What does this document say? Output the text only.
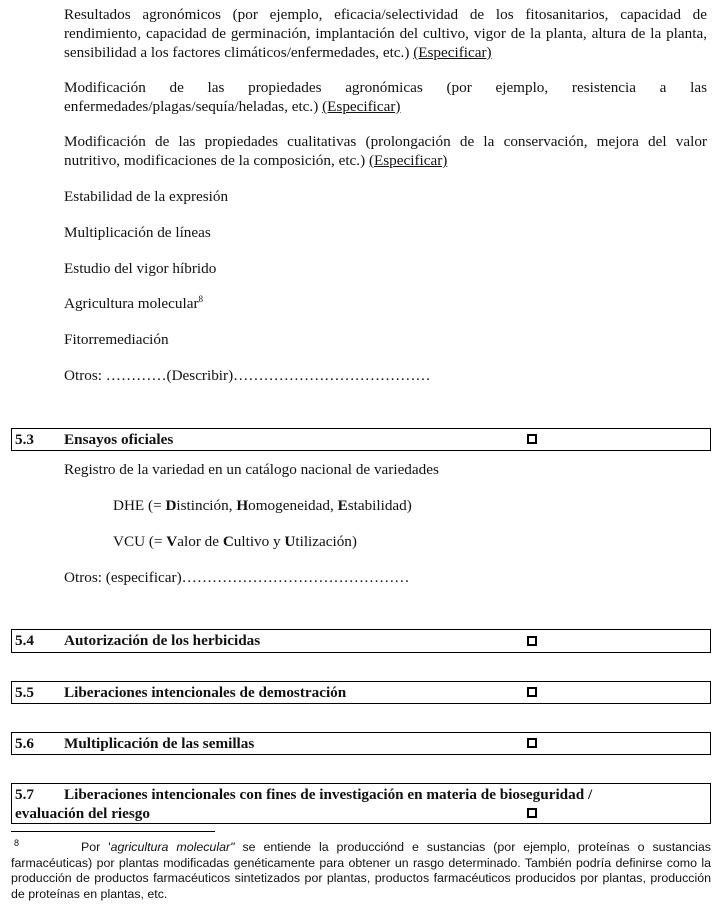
Resultados agronómicos (por ejemplo, eficacia/selectividad de los fitosanitarios, capacidad de rendimiento, capacidad de germinación, implantación del cultivo, vigor de la planta, altura de la planta, sensibilidad a los factores climáticos/enfermedades, etc.) (Especificar)
Modificación de las propiedades agronómicas (por ejemplo, resistencia a las enfermedades/plagas/sequía/heladas, etc.) (Especificar)
Modificación de las propiedades cualitativas (prolongación de la conservación, mejora del valor nutritivo, modificaciones de la composición, etc.) (Especificar)
Estabilidad de la expresión
Multiplicación de líneas
Estudio del vigor híbrido
Agricultura molecular$^8$
Fitorremediación
Otros: …………(Describir)…………………………………
5.3 Ensayos oficiales
Registro de la variedad en un catálogo nacional de variedades
DHE (= Distinción, Homogeneidad, Estabilidad)
VCU (= Valor de Cultivo y Utilización)
Otros: (especificar)………………………………………
5.4 Autorización de los herbicidas
5.5 Liberaciones intencionales de demostración
5.6 Multiplicación de las semillas
5.7 Liberaciones intencionales con fines de investigación en materia de bioseguridad /
evaluación del riesgo
8	Por 'agricultura molecular" se entiende la producciónd e sustancias (por ejemplo, proteínas o sustancias farmacéuticas) por plantas modificadas genéticamente para obtener un rasgo determinado. También podría definirse como la producción de productos farmacéuticos sintetizados por plantas, productos farmacéuticos producidos por plantas, producción de proteínas en plantas, etc.
